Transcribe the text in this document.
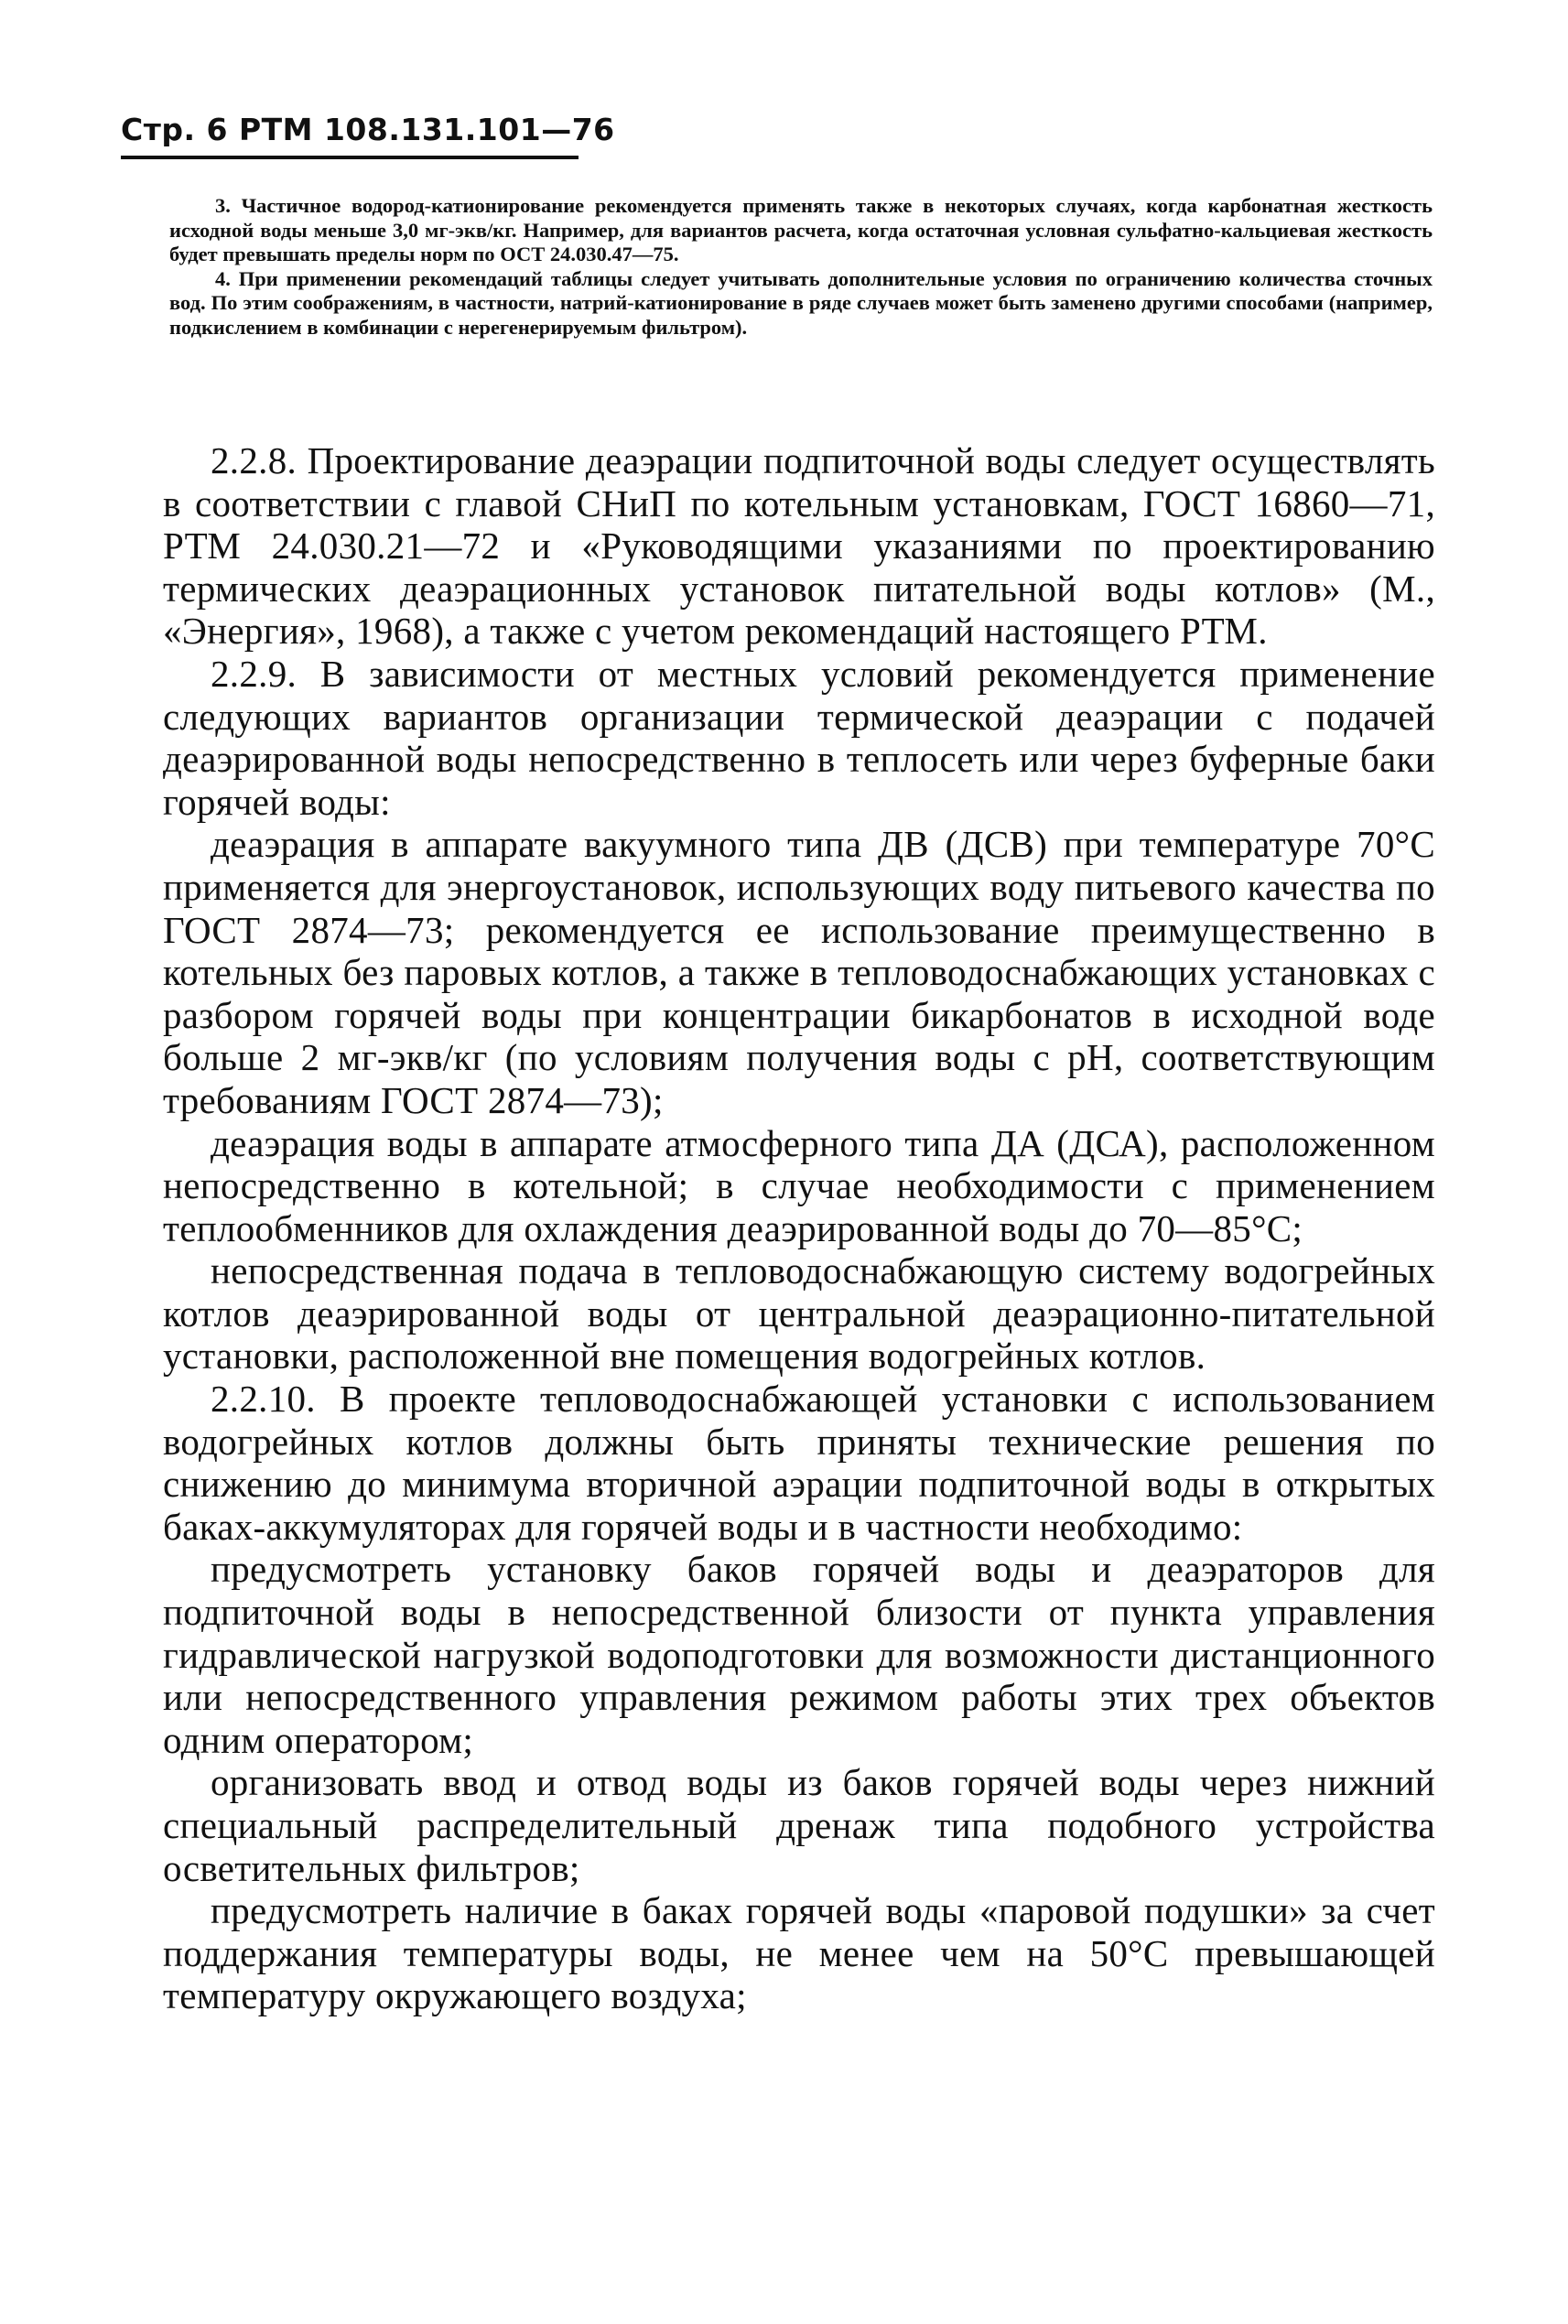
Стр. 6 РТМ 108.131.101—76

3. Частичное водород-катионирование рекомендуется применять также в некоторых случаях, когда карбонатная жесткость исходной воды меньше 3,0 мг-экв/кг. Например, для вариантов расчета, когда остаточная условная сульфатно-кальциевая жесткость будет превышать пределы норм по ОСТ 24.030.47—75.

4. При применении рекомендаций таблицы следует учитывать дополнительные условия по ограничению количества сточных вод. По этим соображениям, в частности, натрий-катионирование в ряде случаев может быть заменено другими способами (например, подкислением в комбинации с нерегенерируемым фильтром).

2.2.8. Проектирование деаэрации подпиточной воды следует осуществлять в соответствии с главой СНиП по котельным установкам, ГОСТ 16860—71, РТМ 24.030.21—72 и «Руководящими указаниями по проектированию термических деаэрационных установок питательной воды котлов» (М., «Энергия», 1968), а также с учетом рекомендаций настоящего РТМ.

2.2.9. В зависимости от местных условий рекомендуется применение следующих вариантов организации термической деаэрации с подачей деаэрированной воды непосредственно в теплосеть или через буферные баки горячей воды:

деаэрация в аппарате вакуумного типа ДВ (ДСВ) при температуре 70°С применяется для энергоустановок, использующих воду питьевого качества по ГОСТ 2874—73; рекомендуется ее использование преимущественно в котельных без паровых котлов, а также в тепловодоснабжающих установках с разбором горячей воды при концентрации бикарбонатов в исходной воде больше 2 мг-экв/кг (по условиям получения воды с pH, соответствующим требованиям ГОСТ 2874—73);

деаэрация воды в аппарате атмосферного типа ДА (ДСА), расположенном непосредственно в котельной; в случае необходимости с применением теплообменников для охлаждения деаэрированной воды до 70—85°С;

непосредственная подача в тепловодоснабжающую систему водогрейных котлов деаэрированной воды от центральной деаэрационно-питательной установки, расположенной вне помещения водогрейных котлов.

2.2.10. В проекте тепловодоснабжающей установки с использованием водогрейных котлов должны быть приняты технические решения по снижению до минимума вторичной аэрации подпиточной воды в открытых баках-аккумуляторах для горячей воды и в частности необходимо:

предусмотреть установку баков горячей воды и деаэраторов для подпиточной воды в непосредственной близости от пункта управления гидравлической нагрузкой водоподготовки для возможности дистанционного или непосредственного управления режимом работы этих трех объектов одним оператором;

организовать ввод и отвод воды из баков горячей воды через нижний специальный распределительный дренаж типа подобного устройства осветительных фильтров;

предусмотреть наличие в баках горячей воды «паровой подушки» за счет поддержания температуры воды, не менее чем на 50°С превышающей температуру окружающего воздуха;
